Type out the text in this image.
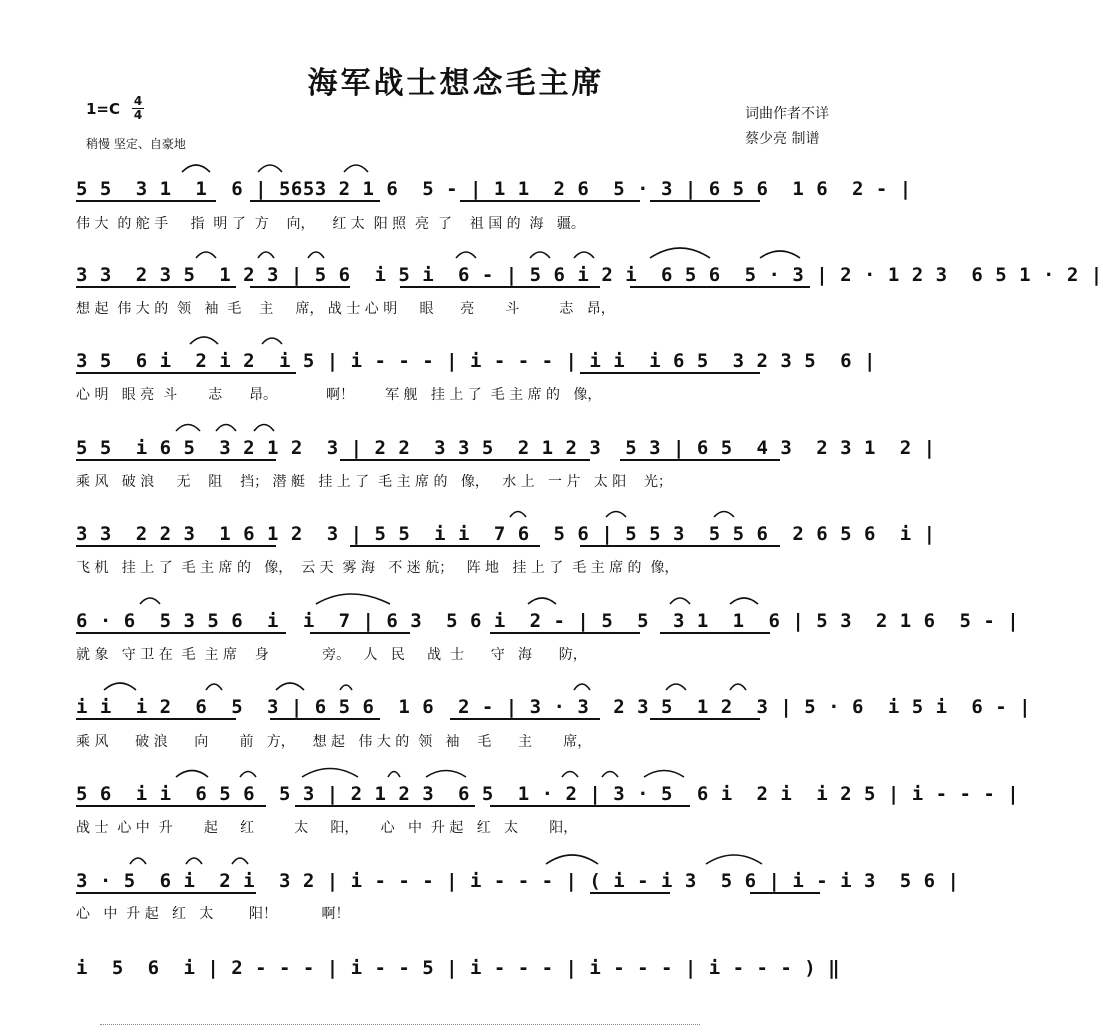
海军战士想念毛主席
1=C 4
4
稍慢 坚定、自豪地
词曲作者不详
蔡少亮 制谱
5 5  3 1  1  6 | 5653 2 1 6  5 - | 1 1  2 6  5 · 3 | 6 5 6  1 6  2 - |
伟 大  的 舵 手     指  明 了  方    向，    红 太  阳 照  亮  了    祖 国 的  海   疆。
3 3  2 3 5  1 2 3 | 5 6  i 5 i  6 - | 5 6 i 2 i  6 5 6  5 · 3 | 2 · 1 2 3  6 5 1 · 2 |
想 起  伟 大 的  领   袖  毛    主     席， 战 士 心 明     眼      亮       斗         志   昂，
3 5  6 i  2 i 2  i 5 | i - - - | i - - - | i i  i 6 5  3 2 3 5  6 |
心 明   眼 亮  斗       志      昂。           啊！       军 舰   挂 上 了  毛 主 席 的   像，
5 5  i 6 5  3 2 1 2  3 | 2 2  3 3 5  2 1 2 3  5 3 | 6 5  4 3  2 3 1  2 |
乘 风   破 浪     无    阻    挡； 潜 艇   挂 上 了  毛 主 席 的   像，   水 上   一 片   太 阳    光；
3 3  2 2 3  1 6 1 2  3 | 5 5  i i  7 6  5 6 | 5 5 3  5 5 6  2 6 5 6  i |
飞 机   挂 上 了  毛 主 席 的   像，  云 天  雾 海   不 迷 航；   阵 地   挂 上 了  毛 主 席 的  像，
6 · 6  5 3 5 6  i  i  7 | 6 3  5 6 i  2 - | 5  5  3 1  1  6 | 5 3  2 1 6  5 - |
就 象   守 卫 在  毛  主 席    身            旁。   人   民     战  士      守   海      防，
i i  i 2  6  5  3 | 6 5 6  1 6  2 - | 3 · 3  2 3 5  1 2  3 | 5 · 6  i 5 i  6 - |
乘 风      破 浪      向       前   方，    想 起   伟 大 的  领   袖    毛      主       席，
5 6  i i  6 5 6  5 3 | 2 1 2 3  6 5  1 · 2 | 3 · 5  6 i  2 i  i 2 5 | i - - - |
战 士  心 中  升       起     红         太     阳，     心   中  升 起   红   太       阳，
3 · 5  6 i  2 i  3 2 | i - - - | i - - - | ( i - i 3  5 6 | i - i 3  5 6 |
心   中  升 起   红   太        阳！          啊！
i  5  6  i | 2 - - - | i - - 5 | i - - - | i - - - | i - - - ) ‖
